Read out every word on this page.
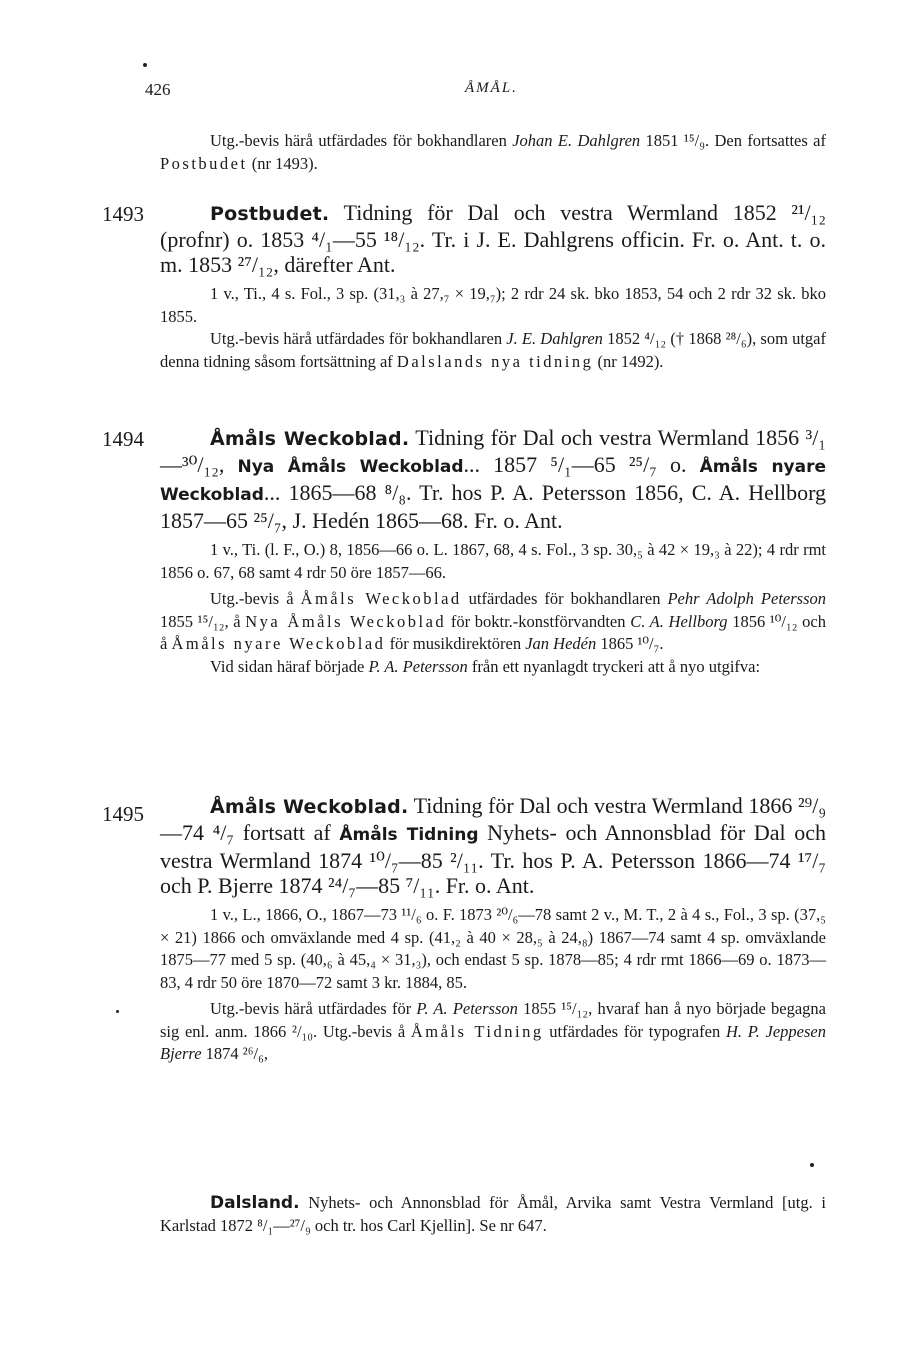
426	ÅMÅL.
Utg.-bevis härå utfärdades för bokhandlaren Johan E. Dahlgren 1851 ¹⁵/₉. Den fortsattes af Postbudet (nr 1493).
1493	Postbudet. Tidning för Dal och vestra Wermland 1852 ²¹/₁₂ (profnr) o. 1853 ⁴/₁—55 ¹⁸/₁₂. Tr. i J. E. Dahlgrens officin. Fr. o. Ant. t. o. m. 1853 ²⁷/₁₂, därefter Ant.
1 v., Ti., 4 s. Fol., 3 sp. (31,₃ à 27,₇ × 19,₇); 2 rdr 24 sk. bko 1853, 54 och 2 rdr 32 sk. bko 1855.
Utg.-bevis härå utfärdades för bokhandlaren J. E. Dahlgren 1852 ⁴/₁₂ († 1868 ²⁸/₆), som utgaf denna tidning såsom fortsättning af Dalslands nya tidning (nr 1492).
1494	Åmåls Weckoblad. Tidning för Dal och vestra Wermland 1856 ³/₁—³⁰/₁₂, Nya Åmåls Weckoblad... 1857 ⁵/₁—65 ²⁵/₇ o. Åmåls nyare Weckoblad... 1865—68 ⁸/₈. Tr. hos P. A. Petersson 1856, C. A. Hellborg 1857—65 ²⁵/₇, J. Hedén 1865—68. Fr. o. Ant.
1 v., Ti. (l. F., O.) 8, 1856—66 o. L. 1867, 68, 4 s. Fol., 3 sp. 30,₅ à 42 × 19,₃ à 22); 4 rdr rmt 1856 o. 67, 68 samt 4 rdr 50 öre 1857—66.
Utg.-bevis å Åmåls Weckoblad utfärdades för bokhandlaren Pehr Adolph Petersson 1855 ¹⁵/₁₂, å Nya Åmåls Weckoblad för boktr.-konstförvandten C. A. Hellborg 1856 ¹⁰/₁₂ och å Åmåls nyare Weckoblad för musikdirektören Jan Hedén 1865 ¹⁰/₇.
Vid sidan häraf började P. A. Petersson från ett nyanlagdt tryckeri att å nyo utgifva:
1495	Åmåls Weckoblad. Tidning för Dal och vestra Wermland 1866 ²⁹/₉—74 ⁴/₇ fortsatt af Åmåls Tidning Nyhets- och Annonsblad för Dal och vestra Wermland 1874 ¹⁰/₇—85 ²/₁₁. Tr. hos P. A. Petersson 1866—74 ¹⁷/₇ och P. Bjerre 1874 ²⁴/₇—85 ⁷/₁₁. Fr. o. Ant.
1 v., L., 1866, O., 1867—73 ¹¹/₆ o. F. 1873 ²⁰/₆—78 samt 2 v., M. T., 2 à 4 s., Fol., 3 sp. (37,₅ × 21) 1866 och omväxlande med 4 sp. (41,₂ à 40 × 28,₅ à 24,₈) 1867—74 samt 4 sp. omväxlande 1875—77 med 5 sp. (40,₆ à 45,₄ × 31,₃), och endast 5 sp. 1878—85; 4 rdr rmt 1866—69 o. 1873—83, 4 rdr 50 öre 1870—72 samt 3 kr. 1884, 85.
Utg.-bevis härå utfärdades för P. A. Petersson 1855 ¹⁵/₁₂, hvaraf han å nyo började begagna sig enl. anm. 1866 ²/₁₀. Utg.-bevis å Åmåls Tidning utfärdades för typografen H. P. Jeppesen Bjerre 1874 ²⁶/₆,
Dalsland. Nyhets- och Annonsblad för Åmål, Arvika samt Vestra Vermland [utg. i Karlstad 1872 ⁸/₁—²⁷/₉ och tr. hos Carl Kjellin]. Se nr 647.
